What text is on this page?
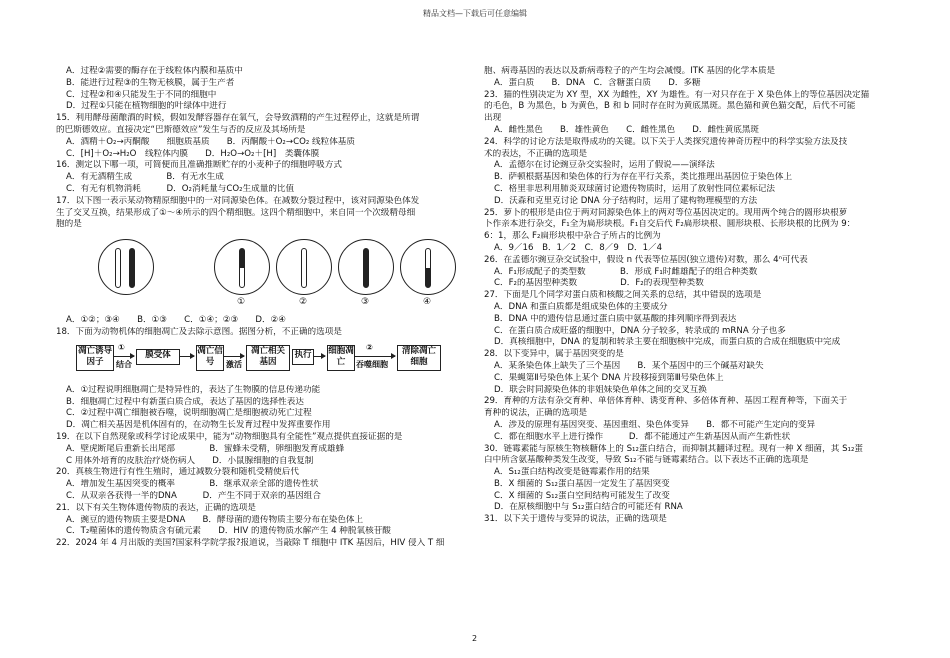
精品文档—下载后可任意编辑
A．过程②需要的酶存在于线粒体内膜和基质中
B．能进行过程③的生物无核膜，属于生产者
C．过程②和④只能发生于不同的细胞中
D．过程①只能在植物细胞的叶绿体中进行
15．利用酵母菌酿酒的时候，假如发酵容器存在氧气，会导致酒精的产生过程停止，这就是所谓
的巴斯德效应。直接决定“巴斯德效应”发生与否的反应及其场所是
A．酒精＋O₂→丙酮酸　　细胞质基质　　B．丙酮酸＋O₂→CO₂ 线粒体基质
C．[H]＋O₂→H₂O　线粒体内膜　　D．H₂O→O₂＋[H]　类囊体膜
16．测定以下哪一项，可简便而且准确推断贮存的小麦种子的细胞呼吸方式
A．有无酒精生成　　　　B．有无水生成
C．有无有机物消耗　　　D．O₂消耗量与CO₂生成量的比值
17．以下图一表示某动物精原细胞中的一对同源染色体。在减数分裂过程中，该对同源染色体发
生了交叉互换，结果形成了①～④所示的四个精细胞。这四个精细胞中，来自同一个次级精母细
胞的是
①	②	③	④
A．①②；③④　　B．①③　　C．①④；②③　　D．②④
18．下面为动物机体的细胞凋亡及去除示意图。据图分析，不正确的选项是
凋亡诱导因子
①
结合
膜受体	凋亡信号	激活
凋亡相关基因
执行 细胞凋亡
②
吞噬细胞
清除凋亡细胞
A．①过程说明细胞凋亡是特异性的，表达了生物膜的信息传递功能
B．细胞凋亡过程中有新蛋白质合成，表达了基因的选择性表达
C．②过程中凋亡细胞被吞噬，说明细胞凋亡是细胞被动死亡过程
D．凋亡相关基因是机体固有的，在动物生长发育过程中发挥重要作用
19．在以下自然现象或科学讨论成果中，能为“动物细胞具有全能性”观点提供直接证据的是
A．壁虎断尾后重新长出尾部　　　　B．蜜蜂未受精，卵细胞发育成雄蜂
C 用体外培育的皮肤治疗烧伤病人　　D．小鼠腺细胞的自我复制
20．真核生物进行有性生殖时，通过减数分裂和随机受精使后代
A．增加发生基因突变的概率　　　　B．继承双亲全部的遗传性状
C．从双亲各获得一半的DNA　　　D．产生不同于双亲的基因组合
21．以下有关生物体遗传物质的表达，正确的选项是
A．豌豆的遗传物质主要是DNA　　B．酵母菌的遗传物质主要分布在染色体上
C．T₂噬菌体的遗传物质含有硫元素　　D．HIV 的遗传物质水解产生 4 种脱氧核苷酸
22．2024 年 4 月出版的美国?国家科学院学报?报道说，当敲除 T 细胞中 ITK 基因后，HIV 侵入 T 细
胞、病毒基因的表达以及新病毒粒子的产生均会减慢。ITK 基因的化学本质是
A．蛋白质　　B．DNA　C．含糖蛋白质　　D．多糖
23．猫的性别决定为 XY 型，XX 为雌性，XY 为雄性。有一对只存在于 X 染色体上的等位基因决定猫
的毛色，B 为黑色，b 为黄色，B 和 b 同时存在时为黄底黑斑。黑色猫和黄色猫交配，后代不可能
出现
A．雌性黑色　　B．雄性黄色　　C．雌性黑色　　D．雌性黄底黑斑
24．科学的讨论方法是取得成功的关键。以下关于人类探究遗传神奇历程中的科学实验方法及技
术的表达，不正确的选项是
A．孟德尔在讨论豌豆杂交实验时，运用了假说——演绎法
B．萨顿根据基因和染色体的行为存在平行关系，类比推理出基因位于染色体上
C．格里非思利用肺炎双球菌讨论遗传物质时，运用了放射性同位素标记法
D．沃森和克里克讨论 DNA 分子结构时，运用了建构物理模型的方法
25．萝卜的根形是由位于两对同源染色体上的两对等位基因决定的。现用两个纯合的圆形块根萝
卜作亲本进行杂交，F₁全为扁形块根。F₁自交后代 F₂扁形块根、圆形块根、长形块根的比例为 9：
6：1，那么 F₂扁形块根中杂合子所占的比例为
A．9／16　B．1／2　C．8／9　D．1／4
26．在孟德尔豌豆杂交试验中，假设 n 代表等位基因(独立遗传)对数，那么 4ⁿ可代表
A．F₁形成配子的类型数　　　　B．形成 F₁时雌雄配子的组合种类数
C．F₂的基因型种类数　　　　　D．F₂的表现型种类数
27．下面是几个同学对蛋白质和核酸之间关系的总结，其中错误的选项是
A．DNA 和蛋白质都是组成染色体的主要成分
B．DNA 中的遗传信息通过蛋白质中氨基酸的排列顺序得到表达
C．在蛋白质合成旺盛的细胞中，DNA 分子较多，转录成的 mRNA 分子也多
D．真核细胞中，DNA 的复制和转录主要在细胞核中完成，而蛋白质的合成在细胞质中完成
28．以下变异中，属于基因突变的是
A．某条染色体上缺失了三个基因　　B．某个基因中的三个碱基对缺失
C．果蝇第Ⅱ号染色体上某个 DNA 片段移接到第Ⅲ号染色体上
D．联会时同源染色体的非姐妹染色单体之间的交叉互换
29．育种的方法有杂交育种、单倍体育种、诱变育种、多倍体育种、基因工程育种等，下面关于
育种的说法，正确的选项是
A．涉及的原理有基因突变、基因重组、染色体变异　　B．都不可能产生定向的变异
C．都在细胞水平上进行操作　　　D．都不能通过产生新基因从而产生新性状
30．链霉素能与原核生物核糖体上的 S₁₂蛋白结合，而抑制其翻译过程。现有一种 X 细菌，其 S₁₂蛋
白中所含氨基酸种类发生改变，导致 S₁₂不能与链霉素结合。以下表达不正确的选项是
A．S₁₂蛋白结构改变是链霉素作用的结果
B．X 细菌的 S₁₂蛋白基因一定发生了基因突变
C．X 细菌的 S₁₂蛋白空间结构可能发生了改变
D．在原核细胞中与 S₁₂蛋白结合的可能还有 RNA
31．以下关于遗传与变异的说法，正确的选项是
2
